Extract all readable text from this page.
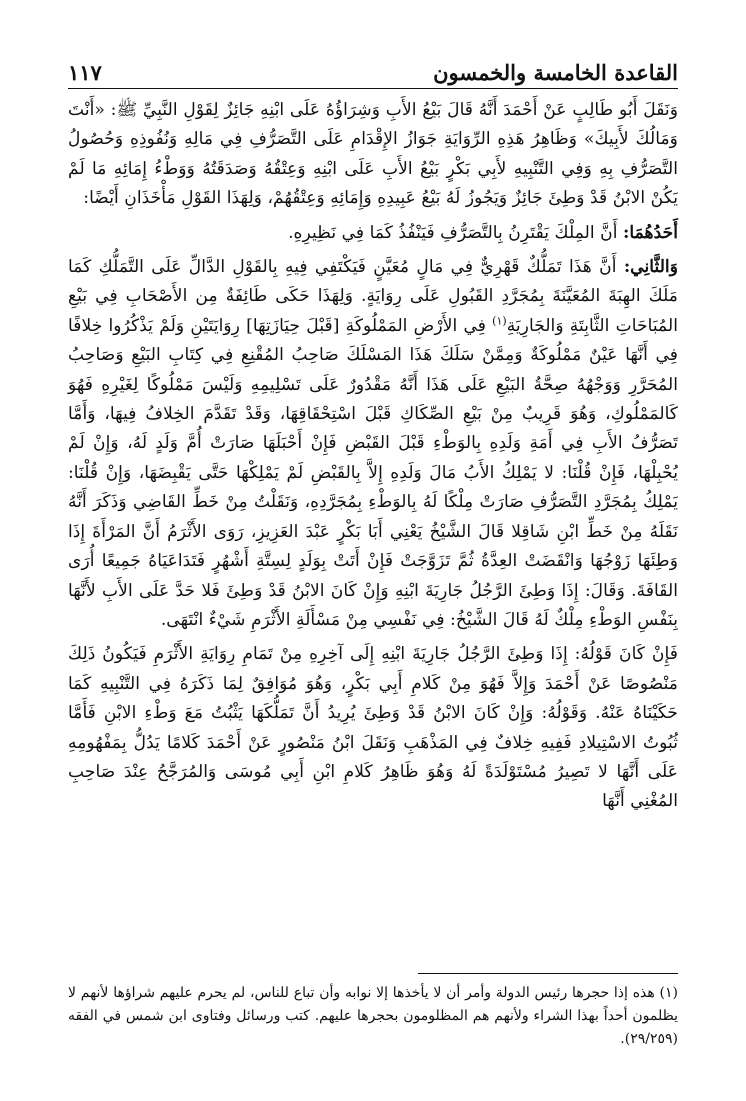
القاعدة الخامسة والخمسون
١١٧

وَنَقَلَ أَبُو طَالِبٍ عَنْ أَحْمَدَ أَنَّهُ قَالَ بَيْعُ الأَبِ وَشِرَاؤُهُ عَلَى ابْنِهِ جَائِزٌ لِقَوْلِ النَّبِيِّ ﷺ: «أَنْتَ وَمَالُكَ لأَبِيكَ» وَظَاهِرُ هَذِهِ الرِّوَايَةِ جَوَازُ الإِقْدَامِ عَلَى التَّصَرُّفِ فِي مَالِهِ وَنُفُوذِهِ وَحُصُولُ التَّصَرُّفِ بِهِ وَفِي التَّنْبِيهِ لأَبِي بَكْرٍ بَيْعُ الأَبِ عَلَى ابْنِهِ وَعِتْقُهُ وَصَدَقَتُهُ وَوَطْءُ إِمَائِهِ مَا لَمْ يَكُنْ الابْنُ قَدْ وَطِئَ جَائِزٌ وَيَجُوزُ لَهُ بَيْعُ عَبِيدِهِ وَإِمَائِهِ وَعِتْقُهُمْ، وَلِهَذَا القَوْلِ مَأْخَذَانِ أَيْضًا:

أَحَدُهُمَا: أَنَّ المِلْكَ يَقْتَرِنُ بِالتَّصَرُّفِ فَيَنْفُذُ كَمَا فِي نَظِيرِهِ.

وَالثَّانِي: أَنَّ هَذَا تَمَلُّكٌ قَهْرِيٌّ فِي مَالٍ مُعَيَّنٍ فَيَكْتَفِي فِيهِ بِالقَوْلِ الدَّالِّ عَلَى التَّمَلُّكِ كَمَا مَلَكَ الهِبَةَ المُعَيَّنَةَ بِمُجَرَّدِ القَبُولِ عَلَى رِوَايَةٍ. وَلِهَذَا حَكَى طَائِفَةٌ مِن الأَصْحَابِ فِي بَيْعِ المُبَاحَاتِ الثَّابِتَةِ وَالجَارِيَةِ$^{(١)}$ فِي الأَرْضِ المَمْلُوكَةِ [قَبْلَ حِيَازَتِهَا] رِوَايَتَيْنِ وَلَمْ يَذْكُرُوا خِلافًا فِي أَنَّهَا عَيْنٌ مَمْلُوكَةٌ وَمِمَّنْ سَلَكَ هَذَا المَسْلَكَ صَاحِبُ المُقْنِعِ فِي كِتَابِ البَيْعِ وَصَاحِبُ المُحَرَّرِ وَوَجْهُهُ صِحَّةُ البَيْعِ عَلَى هَذَا أَنَّهُ مَقْدُورٌ عَلَى تَسْلِيمِهِ وَلَيْسَ مَمْلُوكًا لِغَيْرِهِ فَهُوَ كَالمَمْلُوكِ، وَهُوَ قَرِيبٌ مِنْ بَيْعِ الصِّكَاكِ قَبْلَ اسْتِحْقَاقِهَا، وَقَدْ تَقَدَّمَ الخِلافُ فِيهَا، وَأَمَّا تَصَرُّفُ الأَبِ فِي أَمَةِ وَلَدِهِ بِالوَطْءِ قَبْلَ القَبْضِ فَإِنْ أَحْبَلَهَا صَارَتْ أُمَّ وَلَدٍ لَهُ، وَإِنْ لَمْ يُحْبِلْهَا، فَإِنْ قُلْنَا: لا يَمْلِكُ الأَبُ مَالَ وَلَدِهِ إِلاَّ بِالقَبْضِ لَمْ يَمْلِكْهَا حَتَّى يَقْبِضَهَا، وَإِنْ قُلْنَا: يَمْلِكُ بِمُجَرَّدِ التَّصَرُّفِ صَارَتْ مِلْكًا لَهُ بِالوَطْءِ بِمُجَرَّدِهِ، وَنَقَلْتُ مِنْ خَطِّ القَاضِي وَذَكَرَ أَنَّهُ نَقَلَهُ مِنْ خَطِّ ابْنِ شَاقِلا قَالَ الشَّيْخُ يَعْنِي أَبَا بَكْرٍ عَبْدَ العَزِيزِ، رَوَى الأَثْرَمُ أَنَّ المَرْأَةَ إِذَا وَطِئَهَا زَوْجُهَا وَانْقَضَتْ العِدَّةُ ثُمَّ تَزَوَّجَتْ فَإِنْ أَتَتْ بِوَلَدٍ لِسِتَّةِ أَشْهُرٍ فَتَدَاعَيَاهُ جَمِيعًا أُرَى القَافَةَ. وَقَالَ: إِذَا وَطِئَ الرَّجُلُ جَارِيَةَ ابْنِهِ وَإِنْ كَانَ الابْنُ قَدْ وَطِئَ فَلا حَدَّ عَلَى الأَبِ لأَنَّهَا بِنَفْسِ الوَطْءِ مِلْكٌ لَهُ قَالَ الشَّيْخُ: فِي نَفْسِي مِنْ مَسْأَلَةِ الأَثْرَمِ شَيْءٌ انْتَهَى.

فَإِنْ كَانَ قَوْلُهُ: إِذَا وَطِئَ الرَّجُلُ جَارِيَةَ ابْنِهِ إِلَى آخِرِهِ مِنْ تَمَامِ رِوَايَةِ الأَثْرَمِ فَيَكُونُ ذَلِكَ مَنْصُوصًا عَنْ أَحْمَدَ وَإِلاَّ فَهُوَ مِنْ كَلامِ أَبِي بَكْرٍ، وَهُوَ مُوَافِقٌ لِمَا ذَكَرَهُ فِي التَّنْبِيهِ كَمَا حَكَيْنَاهُ عَنْهُ. وَقَوْلُهُ: وَإِنْ كَانَ الابْنُ قَدْ وَطِئَ يُرِيدُ أَنَّ تَمَلُّكَهَا يَثْبُتُ مَعَ وَطْءِ الابْنِ فَأَمَّا ثُبُوتُ الاسْتِيلادِ فَفِيهِ خِلافٌ فِي المَذْهَبِ وَنَقَلَ ابْنُ مَنْصُورٍ عَنْ أَحْمَدَ كَلامًا يَدُلُّ بِمَفْهُومِهِ عَلَى أَنَّهَا لا تَصِيرُ مُسْتَوْلَدَةً لَهُ وَهُوَ ظَاهِرُ كَلامِ ابْنِ أَبِي مُوسَى وَالمُرَجَّحُ عِنْدَ صَاحِبِ المُغْنِي أَنَّهَا

(١) هذه إذا حجرها رئيس الدولة وأمر أن لا يأخذها إلا نوابه وأن تباع للناس، لم يحرم عليهم شراؤها لأنهم لا يظلمون أحداً بهذا الشراء ولأنهم هم المظلومون بحجرها عليهم. كتب ورسائل وفتاوى ابن شمس في الفقه (٢٩/٢٥٩).
